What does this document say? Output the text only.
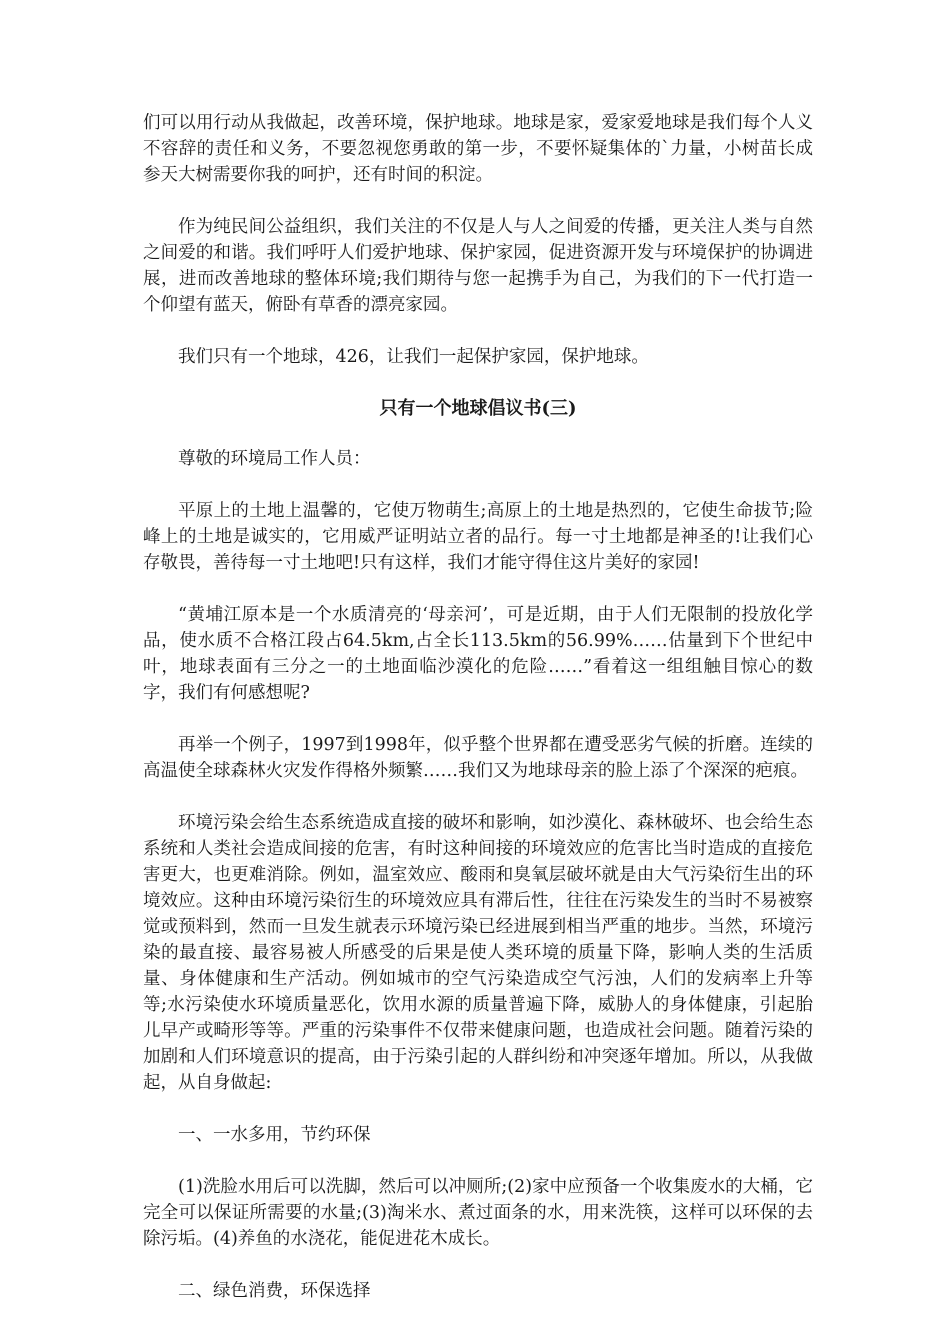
们可以用行动从我做起，改善环境，保护地球。地球是家，爱家爱地球是我们每个人义不容辞的责任和义务，不要忽视您勇敢的第一步，不要怀疑集体的`力量，小树苗长成参天大树需要你我的呵护，还有时间的积淀。

作为纯民间公益组织，我们关注的不仅是人与人之间爱的传播，更关注人类与自然之间爱的和谐。我们呼吁人们爱护地球、保护家园，促进资源开发与环境保护的协调进展，进而改善地球的整体环境;我们期待与您一起携手为自己，为我们的下一代打造一个仰望有蓝天，俯卧有草香的漂亮家园。

我们只有一个地球，426，让我们一起保护家园，保护地球。

只有一个地球倡议书(三)

尊敬的环境局工作人员：

平原上的土地上温馨的，它使万物萌生;高原上的土地是热烈的，它使生命拔节;险峰上的土地是诚实的，它用威严证明站立者的品行。每一寸土地都是神圣的!让我们心存敬畏，善待每一寸土地吧!只有这样，我们才能守得住这片美好的家园!

“黄埔江原本是一个水质清亮的‘母亲河’，可是近期，由于人们无限制的投放化学品，使水质不合格江段占64.5km,占全长113.5km的56.99%……估量到下个世纪中叶，地球表面有三分之一的土地面临沙漠化的危险……”看着这一组组触目惊心的数字，我们有何感想呢?

再举一个例子，1997到1998年，似乎整个世界都在遭受恶劣气候的折磨。连续的高温使全球森林火灾发作得格外频繁……我们又为地球母亲的脸上添了个深深的疤痕。

环境污染会给生态系统造成直接的破坏和影响，如沙漠化、森林破坏、也会给生态系统和人类社会造成间接的危害，有时这种间接的环境效应的危害比当时造成的直接危害更大，也更难消除。例如，温室效应、酸雨和臭氧层破坏就是由大气污染衍生出的环境效应。这种由环境污染衍生的环境效应具有滞后性，往往在污染发生的当时不易被察觉或预料到，然而一旦发生就表示环境污染已经进展到相当严重的地步。当然，环境污染的最直接、最容易被人所感受的后果是使人类环境的质量下降，影响人类的生活质量、身体健康和生产活动。例如城市的空气污染造成空气污浊，人们的发病率上升等等;水污染使水环境质量恶化，饮用水源的质量普遍下降，威胁人的身体健康，引起胎儿早产或畸形等等。严重的污染事件不仅带来健康问题，也造成社会问题。随着污染的加剧和人们环境意识的提高，由于污染引起的人群纠纷和冲突逐年增加。所以，从我做起，从自身做起:

一、一水多用，节约环保

(1)洗脸水用后可以洗脚，然后可以冲厕所;(2)家中应预备一个收集废水的大桶，它完全可以保证所需要的水量;(3)淘米水、煮过面条的水，用来洗筷，这样可以环保的去除污垢。(4)养鱼的水浇花，能促进花木成长。

二、绿色消费，环保选择
